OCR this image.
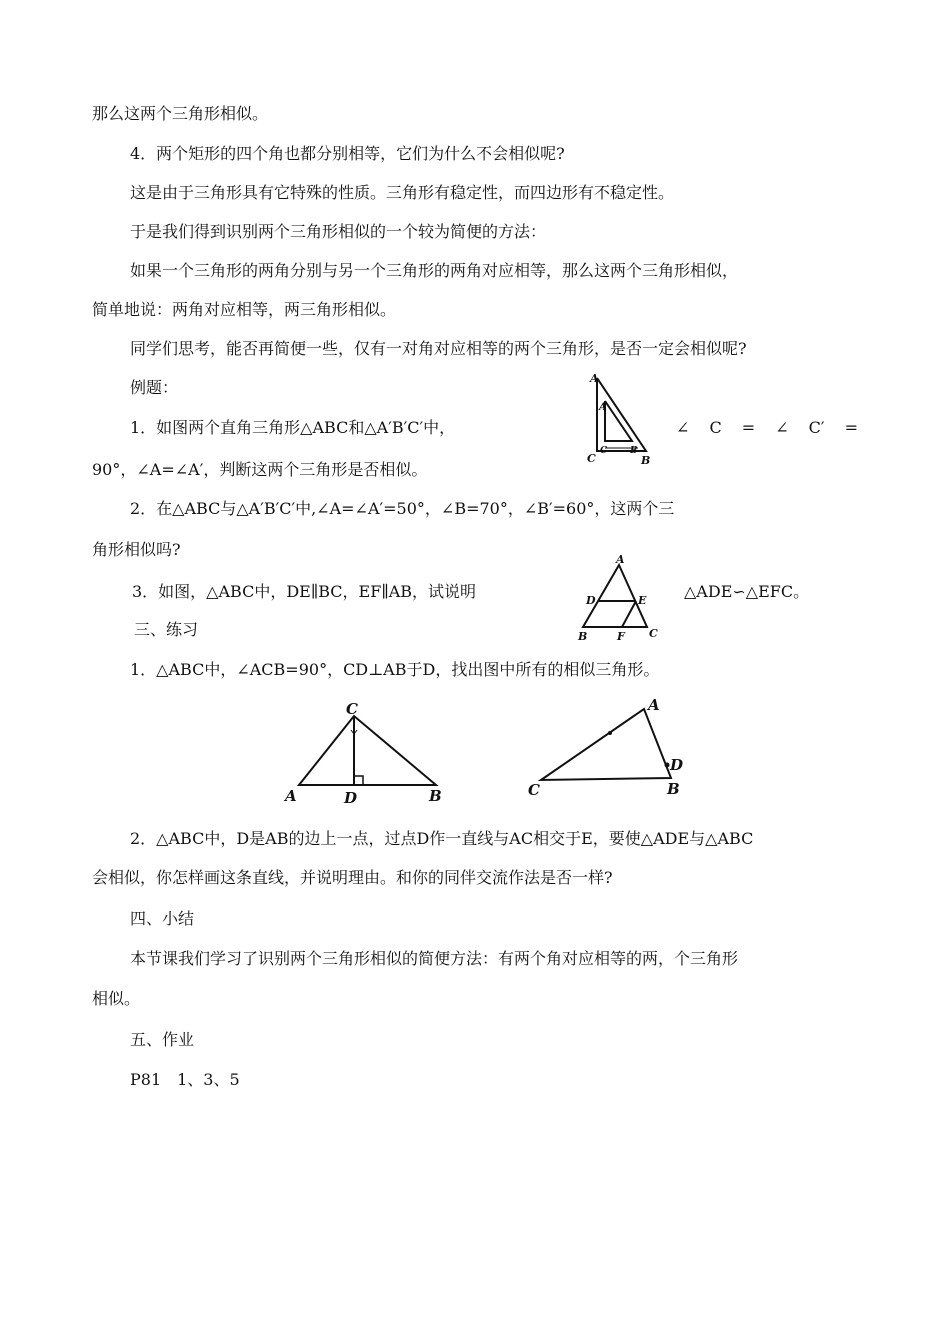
那么这两个三角形相似。
4．两个矩形的四个角也都分别相等，它们为什么不会相似呢?
这是由于三角形具有它特殊的性质。三角形有稳定性，而四边形有不稳定性。
于是我们得到识别两个三角形相似的一个较为简便的方法：
如果一个三角形的两角分别与另一个三角形的两角对应相等，那么这两个三角形相似，
简单地说：两角对应相等，两三角形相似。
同学们思考，能否再简便一些，仅有一对角对应相等的两个三角形，是否一定会相似呢?
例题：
1．如图两个直角三角形△ABC和△A′B′C′中，	∠ C = ∠ C′ =
90°，∠A=∠A′，判断这两个三角形是否相似。
A
A
C
C	B
B
2．在△ABC与△A′B′C′中,∠A=∠A′=50°，∠B=70°，∠B′=60°，这两个三
角形相似吗?
3．如图，△ABC中，DE∥BC，EF∥AB，试说明	△ADE∽△EFC。
A
D	E
B	F C
三、练习
1．△ABC中，∠ACB=90°，CD⊥AB于D，找出图中所有的相似三角形。
C
A	D	B
A
D
C	B
2．△ABC中，D是AB的边上一点，过点D作一直线与AC相交于E，要使△ADE与△ABC
会相似，你怎样画这条直线，并说明理由。和你的同伴交流作法是否一样?
四、小结
本节课我们学习了识别两个三角形相似的简便方法：有两个角对应相等的两，个三角形
相似。
五、作业
P81　1、3、5
